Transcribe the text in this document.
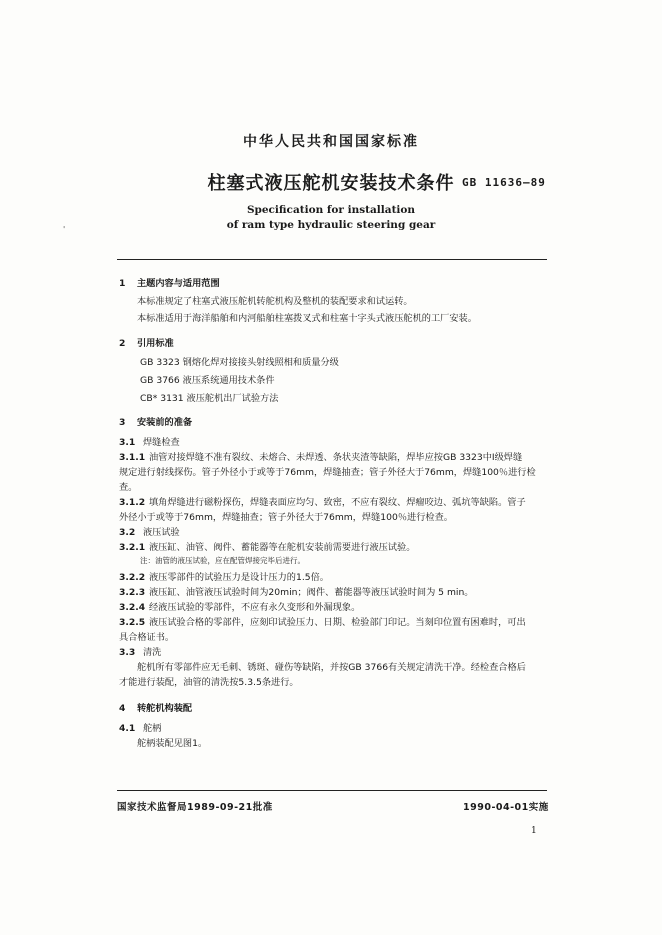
中华人民共和国国家标准
柱塞式液压舵机安装技术条件 GB 11636—89
Specification for installation
of ram type hydraulic steering gear
'
1 主题内容与适用范围
本标准规定了柱塞式液压舵机转舵机构及整机的装配要求和试运转。
本标准适用于海洋船舶和内河船舶柱塞拨叉式和柱塞十字头式液压舵机的工厂安装。
2 引用标准
GB 3323 钢熔化焊对接接头射线照相和质量分级
GB 3766 液压系统通用技术条件
CB* 3131 液压舵机出厂试验方法
3 安装前的准备
3.1 焊缝检查
3.1.1 油管对接焊缝不准有裂纹、未熔合、未焊透、条状夹渣等缺陷，焊毕应按GB 3323中Ⅰ级焊缝
规定进行射线探伤。管子外径小于或等于76mm，焊缝抽查；管子外径大于76mm，焊缝100％进行检
查。
3.1.2 填角焊缝进行磁粉探伤，焊缝表面应均匀、致密，不应有裂纹、焊瘤咬边、弧坑等缺陷。管子
外径小于或等于76mm，焊缝抽查；管子外径大于76mm，焊缝100％进行检查。
3.2 液压试验
3.2.1 液压缸、油管、阀件、蓄能器等在舵机安装前需要进行液压试验。
注：油管的液压试验，应在配管焊接完毕后进行。
3.2.2 液压零部件的试验压力是设计压力的1.5倍。
3.2.3 液压缸、油管液压试验时间为20min；阀件、蓄能器等液压试验时间为 5 min。
3.2.4 经液压试验的零部件，不应有永久变形和外漏现象。
3.2.5 液压试验合格的零部件，应刻印试验压力、日期、检验部门印记。当刻印位置有困难时，可出
具合格证书。
3.3 清洗
舵机所有零部件应无毛刺、锈斑、碰伤等缺陷，并按GB 3766有关规定清洗干净。经检查合格后
才能进行装配，油管的清洗按5.3.5条进行。
4 转舵机构装配
4.1 舵柄
舵柄装配见图1。
国家技术监督局1989-09-21批准	1990-04-01实施
1
